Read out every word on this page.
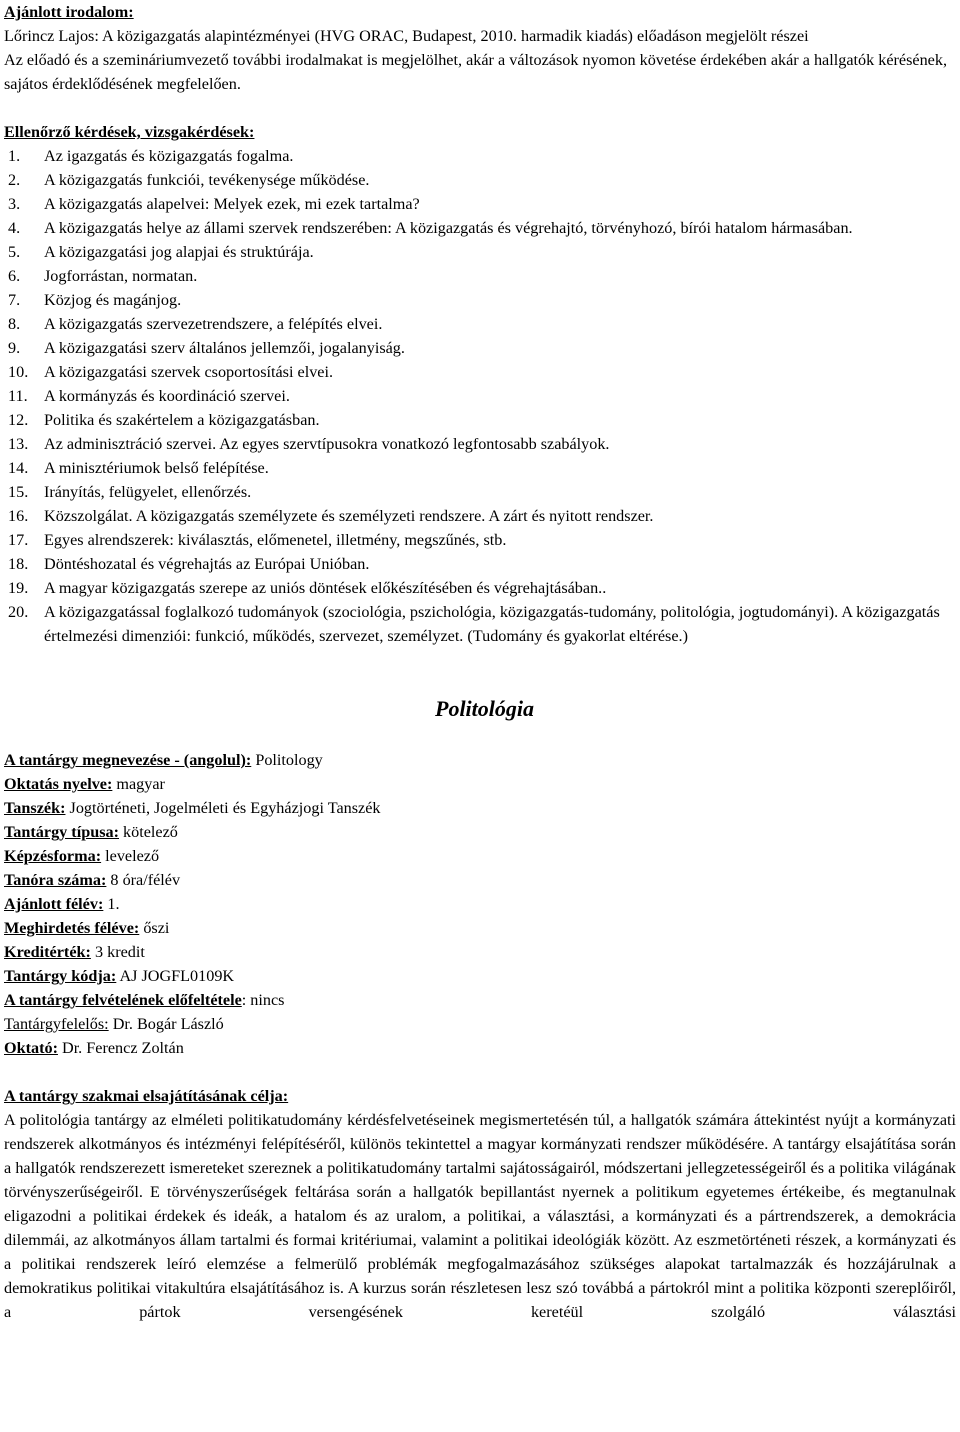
Ajánlott irodalom:

Lőrincz Lajos: A közigazgatás alapintézményei (HVG ORAC, Budapest, 2010. harmadik kiadás) előadáson megjelölt részei

Az előadó és a szemináriumvezető további irodalmakat is megjelölhet, akár a változások nyomon követése érdekében akár a hallgatók kérésének, sajátos érdeklődésének megfelelően.

Ellenőrző kérdések, vizsgakérdések:

1.	Az igazgatás és közigazgatás fogalma.
2.	A közigazgatás funkciói, tevékenysége működése.
3.	A közigazgatás alapelvei: Melyek ezek, mi ezek tartalma?
4.	A közigazgatás helye az állami szervek rendszerében: A közigazgatás és végrehajtó, törvényhozó, bírói hatalom hármasában.
5.	A közigazgatási jog alapjai és struktúrája.
6.	Jogforrástan, normatan.
7.	Közjog és magánjog.
8.	A közigazgatás szervezetrendszere, a felépítés elvei.
9.	A közigazgatási szerv általános jellemzői, jogalanyiság.
10. A közigazgatási szervek csoportosítási elvei.
11.	A kormányzás és koordináció szervei.
12. Politika és szakértelem a közigazgatásban.
13. Az adminisztráció szervei. Az egyes szervtípusokra vonatkozó legfontosabb szabályok.
14. A minisztériumok belső felépítése.
15. Irányítás, felügyelet, ellenőrzés.
16. Közszolgálat. A közigazgatás személyzete és személyzeti rendszere. A zárt és nyitott rendszer.
17. Egyes alrendszerek: kiválasztás, előmenetel, illetmény, megszűnés, stb.
18. Döntéshozatal és végrehajtás az Európai Unióban.
19. A magyar közigazgatás szerepe az uniós döntések előkészítésében és végrehajtásában..
20. A közigazgatással foglalkozó tudományok (szociológia, pszichológia, közigazgatás-tudomány, politológia, jogtudományi). A közigazgatás értelmezési dimenziói: funkció, működés, szervezet, személyzet. (Tudomány és gyakorlat eltérése.)
Politológia

A tantárgy megnevezése - (angolul): Politology

Oktatás nyelve: magyar

Tanszék: Jogtörténeti, Jogelméleti és Egyházjogi Tanszék

Tantárgy típusa: kötelező

Képzésforma: levelező

Tanóra száma: 8 óra/félév

Ajánlott félév: 1.

Meghirdetés féléve: őszi

Kreditérték: 3 kredit

Tantárgy kódja: AJ JOGFL0109K

A tantárgy felvételének előfeltétele: nincs

Tantárgyfelelős: Dr. Bogár László

Oktató: Dr. Ferencz Zoltán

A tantárgy szakmai elsajátításának célja:

A politológia tantárgy az elméleti politikatudomány kérdésfelvetéseinek megismertetésén túl, a hallgatók számára áttekintést nyújt a kormányzati rendszerek alkotmányos és intézményi felépítéséről, különös tekintettel a magyar kormányzati rendszer működésére. A tantárgy elsajátítása során a hallgatók rendszerezett ismereteket szereznek a politikatudomány tartalmi sajátosságairól, módszertani jellegzetességeiről és a politika világának törvényszerűségeiről. E törvényszerűségek feltárása során a hallgatók bepillantást nyernek a politikum egyetemes értékeibe, és megtanulnak eligazodni a politikai érdekek és ideák, a hatalom és az uralom, a politikai, a választási, a kormányzati és a pártrendszerek, a demokrácia dilemmái, az alkotmányos állam tartalmi és formai kritériumai, valamint a politikai ideológiák között. Az eszmetörténeti részek, a kormányzati és a politikai rendszerek leíró elemzése a felmerülő problémák megfogalmazásához szükséges alapokat tartalmazzák és hozzájárulnak a demokratikus politikai vitakultúra elsajátításához is. A kurzus során részletesen lesz szó továbbá a pártokról mint a politika központi szereplőiről, a pártok versengésének keretéül szolgáló választási
